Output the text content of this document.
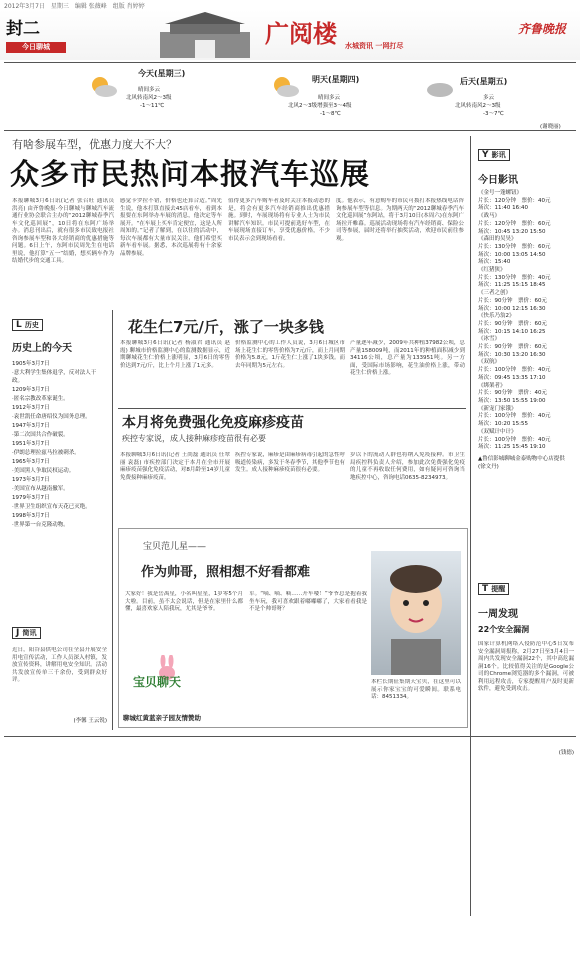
2012年3月7日　星期三　编辑 张薇峰　组版 肖婷婷
封二
今日聊城	广阅楼 水城资讯 一网打尽
齐鲁晚报
今天(星期三)
晴间多云
北风转南风2～3级
-1～11℃
明天(星期四)
晴间多云
北风2～3级增强至3～4级
-1～8℃
后天(星期五)
多云
北风转南风2～3级
-3～7℃
(谢晓丽)
有啥参展车型，优惠力度大不大？
众多市民热问本报汽车巡展
本报聊城3月6日讯(记者 张召旺 通讯员 洪亮) 由齐鲁晚报·今日聊城与聊城汽车流通行业协会联合主办的“2012聊城春季汽车文化巡回展”，10日将在东阿广场举办。消息刊出后，就有很多市民致电报社咨询参展车型和各大经销商的优惠措施等问题。6日上午，东阿市民周先生在电话里说，他打算“五一”结婚，想买辆车作为结婚代步的交通工具。
感觉卡罗拉不错，价格也还算合适。”周先生说，他本打算直接去45店看车，看到本报要在东阿举办车展的消息，他决定等车展开。“在车展上买车肯定便宜，这是人所周知的。”记者了解到，在以往的活动中，每次车展都有大量市民关注，他们希望买新车看车展。据悉，本次巡展将有十余家品牌参展。
值得更多汽车购车者及时关注本报动态的是，将会有更多汽车经销商推出优惠措施。到时，车展现场将有专业人士为市民讲解汽车知识。市民可提前选好车型，在车展现场直接订车，享受优惠价格，不少市民表示会到现场看看。
度。他表示，有意购车的市民可拨打本报热线电话咨询参展车型等信息。为期两天的“2012聊城春季汽车文化巡回展”东阿站，将于3月10日(本周六)在东阿广场拉开帷幕。巡展活动现场将有汽车经销商、保险公司等参展，届时还将举行抽奖活动，欢迎市民前往参观。
L 历史
历史上的今天
1905年3月7日
·意大利学生集体退学，反对法人干政。
1209年3月7日
·匿名宗教改革家诞生。
1912年3月7日
·袁世凯任命唐绍仪为国务总理。
1947年3月7日
·第二次国共合作破裂。
1951年3月7日
·伊朗总理拉兹马拉被刺杀。
1965年3月7日
·美国黑人争取民权运动。
1973年3月7日
·美国宣布从越南撤军。
1979年3月7日
·世界卫生组织宣布天花已灭绝。
1998年3月7日
·世界第一台克隆动物。
J 简讯
近日，阳谷县供电公司在全县开展安全用电宣传活动，工作人员深入村镇，发放宣传资料，讲解用电安全知识。活动共发放宣传单三千余份，受到群众好评。
(李馨 王云锐)
花生仁7元/斤，涨了一块多钱
本报聊城3月6日讯(记者 杨淑君 通讯员 赵霞) 聊城市价格监测中心的监测数据显示，近期聊城花生仁价格上涨明显，3月6日的零售价达到7元/斤，比上个月上涨了1元多。
价格监测中心的工作人员说，3月6日城区市场上花生仁的零售价格为7元/斤，而上月同期价格为5.8元，1斤花生仁上涨了1块多钱。而去年同期为5元左右。
产量逐年减少，2009年共种植37982公顷，总产量158009吨，而2011年的种植面积减少到34116公顷，总产量为133951吨。另一方面，受国际市场影响，花生油价格上涨，带动花生仁价格上涨。
本月将免费强化免疫麻疹疫苗
疾控专家说，成人接种麻疹疫苗很有必要
本报聊城3月6日讯(记者 王尚磊 通讯员 任翠丽 袁磊) 市疾控部门决定于本月在全市开展麻疹疫苗强化免疫活动，对8月龄至14岁儿童免费接种麻疹疫苗。
疾控专家说，麻疹是由麻疹病毒引起的急性呼吸道传染病，多发于冬春季节，其他季节也有发生。成人接种麻疹疫苗很有必要。
岁以下的流动人群也将纳入免疫接种。市卫生局疾控科负责人介绍，参加此次免费强化免疫的儿童不再收取任何费用，如有疑问可咨询当地疾控中心，咨询电话0635-8234973。
宝贝范儿星——
作为帅哥，照相想不好看都难
大家好！我是岳禹星，小名叫星星，1岁零5个月大啦。目前，虽不太会说话，但是在家里什么都懂，最喜欢家人陪我玩，尤其是爷爷。
军。“嘀、嘀、嘀……开车喽！”爷爷总是抱着我坐车玩，我可喜欢跟着嘟嘟嘟了，大家看看我是不是个帅哥呀？
宝贝聊天
聊城红黄蓝亲子园友情赞助
本栏长期征集期天宝贝，在这里可以展示你家宝宝的可爱瞬间。联系电话：8451334。
Y 影讯
今日影讯
《金号一蓬螺钮》
片长：120分钟　票价：40元
场次：11:40 16:40
《战马》
片长：120分钟　票价：60元
场次：10:45 13:20 15:50
《森田的吴昊》
片长：130分钟　票价：60元
场次：10:00 13:05 14:50
场次：15:40
《红猪狭》
片长：130分钟　票价：40元
场次：11:25 15:15 18:45
《三者之创》
片长：90分钟　票价：60元
场次：10:00 12:15 16:30
《快乐乃翁2》
片长：90分钟　票价：60元
场次：10:15 14:10 16:25
《冰雪》
片长：90分钟　票价：60元
场次：10:30 13:20 16:30
《双航》
片长：100分钟　票价：40元
场次：09:45 13:35 17:10
《绑架者》
片长：90分钟　票价：40元
场次：13:50 15:55 19:00
《新宠门家饿》
片长：100分钟　票价：40元
场次：10:20 15:55
《双赋计中计》
片长：100分钟　票价：40元
场次：11:25 15:45 19:10
▲鲁信影城聊城金泰购物中心店提供　(徐文丹)
T 提醒
一周发现
22个安全漏洞
国家计算机网络入侵防范中心5日发布安全漏洞周报称，2月27日至3月4日一周内共发现安全漏洞22个，其中高危漏洞16个。比较值得关注的是Google公司的Chrome浏览器的多个漏洞，可被利用远程攻击，专家提醒用户及时更新软件，避免受到攻击。
(钱德)
